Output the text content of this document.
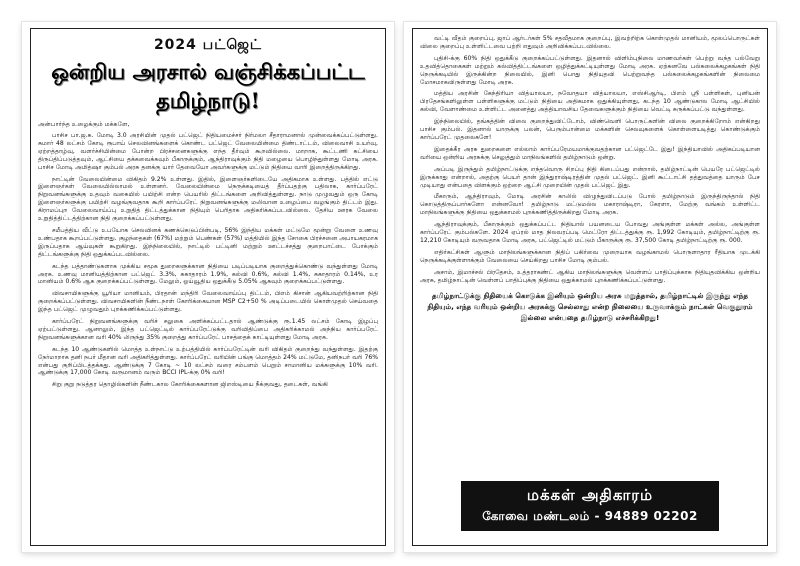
2024 பட்ஜெட்
ஒன்றிய அரசால் வஞ்சிக்கப்பட்ட
தமிழ்நாடு!
அன்பார்ந்த உழைக்கும் மக்களே,

பாசிச பா.ஜ.க. மோடி 3.0 அரசியின் முதல் பட்ஜெட் நிதியமைச்சர் நிர்மலா சீதாராமனால் முன்வைக்கப்பட்டுள்ளது. சுமார் 48 லட்சம் கோடி ரூபாய் செலவினங்களைக் கொண்ட பட்ஜெட் வேலையின்மை திண்டாட்டம், விலைவாசி உயர்வு, ஏற்றத்தாழ்வு, வளர்ச்சியின்மை போன்ற பிரச்சனைகளுக்கு எந்த தீர்வும் கூறவில்லை. மாறாக, கூட்டணி கட்சியை திருப்திப்படுத்தவும், ஆட்சியை தக்கவைக்கவும் பீகாருக்கும், ஆந்திராவுக்கும் நிதி மழையை பொழிந்துள்ளது மோடி அரசு. பாசிச மோடி அமித்ஷா கும்பல் அரசு தனக்கு யார் தேவையோ அவர்களுக்கு மட்டும் நிதியை வாரி இறைத்திருக்கிறது.

நாட்டின் வேலையின்மை விகிதம் 9.2% உள்ளது. இதில், இளைஞர்களிடையே அதிகமாக உள்ளது. பத்தில் எட்டு இளைஞர்கள் வேலையில்லாமல் உள்ளனர். வேலையின்மை நெருக்கடியைத் தீர்ப்பதற்கு பதிலாக, கார்ப்பரேட் நிறுவனங்களுக்கு உதவும் வகையில் பயிற்சி என்ற பெயரில் திட்டங்களை அறிவித்துள்ளது. நாடு முழுவதும் ஒரு கோடி இளைஞர்களுக்கு பயிற்சி வழங்குவதாக கூறி கார்ப்பரேட் நிறுவனங்களுக்கு மலிவான உழைப்பை வழங்கும் திட்டம் இது. கிராமப்புற வேலைவாய்ப்பு உறுதித் திட்டத்துக்கான நிதியும் பெரிதாக அதிகரிக்கப்படவில்லை. தேசிய ஊரக வேலை உறுதித்திட்டத்திற்கான நிதி குறைக்கப்பட்டுள்ளது.

சமீபத்திய வீட்டு உபயோக செலவினக் கணக்கெடுப்பின்படி, 56% இந்திய மக்கள் மட்டுமே மூன்று வேளை உணவு உண்பதாக கூறப்பட்டுள்ளது. குழந்தைகள் (67%) மற்றும் பெண்கள் (57%) மத்தியில் இந்த சோகை பிரச்சனை அபாயகரமாக இருப்பதாக ஆய்வுகள் கூறுகிறது. இந்நிலையில், நாட்டில் பட்டினி மற்றும் ஊட்டச்சத்து குறைபாட்டை போக்கும் திட்டங்களுக்கு நிதி ஒதுக்கப்படவில்லை.

கடந்த பத்தாண்டுகளாக முக்கிய சமூக துறைகளுக்கான நிதியை படிப்படியாக குறைத்துக்கொண்டு வந்துள்ளது மோடி அரசு. உணவு மானியத்திற்கான பட்ஜெட் 3.3%, சுகாதாரம் 1.9%, கல்வி 0.6%, கல்வி 1.4%, சுகாதாரம் 0.14%, உர மானியம் 0.6% ஆக குறைக்கப்பட்டுள்ளது. மேலும், ஓய்வூதிய ஒதுக்கீடு 5.05% ஆகவும் குறைக்கப்பட்டுள்ளது.

விவசாயிகளுக்கு யூரியா மானியம், பிரதான் மந்திரி வேலைவாய்ப்பு திட்டம், பிஎம் கிசான் ஆகியவற்றிற்கான நிதி குறைக்கப்பட்டுள்ளது. விவசாயிகளின் நீண்டநாள் கோரிக்கையான MSP C2+50 % அடிப்படையில் கொள்முதல் செய்வதை இந்த பட்ஜெட் முழுவதும் புறக்கணிக்கப்பட்டுள்ளது.

கார்ப்பரேட் நிறுவனங்களுக்கு வரிச் சலுகை அளிக்கப்பட்டதால் ஆண்டுக்கு ரூ.1.45 லட்சம் கோடி இழப்பு ஏற்பட்டுள்ளது. ஆனாலும், இந்த பட்ஜெட்டில் கார்ப்பரேட்டுக்கு வரிவிதிப்பை அதிகரிக்காமல் அந்நிய கார்ப்பரேட் நிறுவனங்களுக்கான வரி 40% லிருந்து 35% குறைத்து கார்ப்பரேட் பாசத்தைக் காட்டியுள்ளது மோடி அரசு.

கடந்த 10 ஆண்டுகளில் மொத்த உள்நாட்டு உற்பத்தியில் கார்ப்பரேட்டின் வரி விகிதம் குறைந்து வந்துள்ளது. இதற்கு நேர்மாறாக தனி நபர் மீதான வரி அதிகரித்துள்ளது. கார்ப்பரேட் வரியின் பங்கு மொத்தம் 24% மட்டுமே, தனிநபர் வரி 76% என்பது குறிப்பிடத்தக்கது. ஆண்டுக்கு 7 கோடி ~ 10 லட்சம் வரை சம்பளம் பெறும் சாமானிய மக்களுக்கு 10% வரி. ஆண்டுக்கு 17,000 கோடி வருமானம் வரும் BCCI IPL-க்கு 0% வரி!

சிறு குறு நடுத்தர தொழில்களின் நீண்டகால கோரிக்கைகளான ஜிஎஸ்டியை நீக்குவது, தடைகள், வங்கி

வட்டி வீதம் குறைப்பு, ஜாப் ஆர்டர்கள் 5% சதவீதமாக குறைப்பு, இவற்றிற்க கொள்முதல் மானியம், மூலப்பொருட்கள் விலை குறைப்பு உள்ளிட்டவை பற்றி எதுவும் அறிவிக்கப்படவில்லை.

புதிசி-க்கு 60% நிதி ஒதுக்கீடு குறைக்கப்பட்டுள்ளது. இதனால் விளிம்புநிலை மாணவர்கள் பெற்று வந்த பல்வேறு உதவித்தொகைகள் மற்றும் கல்வித்திட்டங்களை ஒழித்துக்கட்டியுள்ளது மோடி அரசு. ஏற்கனவே பல்கலைக்கழகங்கள் நிதி நெருக்கடியில் இருக்கின்ற நிலையில், இனி பொது நிதியுதவி பெற்றுவந்த பல்கலைக்கழகங்களின் நிலைமை மோசமாகவிருள்ளது மோடி அரசு.

மத்திய அரசின் கேந்திரியா வித்யாலயா, நவோதயா வித்யாலயா, எஸ்சிஆர்டி, பிஎம் ஸ்ரீ பள்ளிகள், புனியன் பிரதேசங்களிலுள்ள பள்ளிகளுக்கு மட்டும் நிதியை அதிகமாக ஒதுக்கியுள்ளது, கடந்த 10 ஆண்டுகால மோடி ஆட்சியில் கல்வி, வேளாண்மை உள்ளிட்ட அனைத்து அத்தியாவசிய தேவைகளுக்கும் நிதியை வெட்டி சுருக்கப்பட்டு வந்துள்ளது.

இந்நிலையில், தங்கத்தின் விலை குறைந்துவிட்டோம், விண்வெளி பொருட்களின் விலை குறைக்கிறோம் என்கிறது பாசிச கும்பல். இதனால் யாருக்கு பலன், பெரும்பான்மை மக்களின் செலவுகளைக் கொள்ளையடித்து கொண்டுக்கும் கார்ப்பரேட் முதலைகளே!

இதைக்கீர அரசு துறைகளை எல்லாம் கார்ப்பரேமயமாக்குவதற்கான பட்ஜெட்டே இது! இந்தியாவில் அதிகப்படியான வரியை ஒன்றிய அரசுக்கு செலுத்தும் மாநிலங்களில் தமிழ்நாடும் ஒன்று.

அப்படி இருந்தும் தமிழ்நாட்டுக்கு எந்தவொரு சிறப்பு நிதி கிடைப்பது என்றால், தமிழ்நாட்டின் பெயரே பட்ஜெட்டில் இருக்காது என்றால், அதற்கு பெயர் தான் இந்துராஷ்டிரத்தின் முதல் பட்ஜெட். இனி கூட்டாட்சி தத்துவத்தை யாரும் பேச முடியாது என்பதை விளக்கும் ஒற்றை ஆட்சி முறையின் முதல் பட்ஜெட் இது.

மீகாரும், ஆந்திராவும், மோடி அரசின் காலில் விழுந்துவிடப்படு போல் தமிழ்நாடும் இருந்திருந்தால் நிதி கொடுத்திருப்பார்களோ என்னவோ! தமிழ்நாடு மட்டுமல்ல மகாராஷ்டிரா, கேரளா, மேற்கு வங்கம் உள்ளிட்ட மாநிலங்களுக்கு நிதியை ஒதுக்காமல் புறக்கணித்திருக்கிறது மோடி அரசு.

ஆந்திராவுக்கும், பீகாருக்கும் ஒதுக்கப்பட்ட நிதியால் பயனடைய போவது அங்குள்ள மக்கள் அல்ல, அங்குள்ள கார்ப்பரேட் கும்பல்களே. 2024 ஏப்ரல் மாத நிலவரப்படி மெட்ரோ திட்டத்துக்கு ரூ. 1,992 கோடியும், தமிழ்நாட்டிற்கு ரூ. 12,210 கோடியும் வருவதாக மோடி அரசு, பட்ஜெட்டில் மட்டும் பீகாருக்கு ரூ. 37,500 கோடி தமிழ்நாட்டிற்கு ரூ. 000.

எதிர்கட்சிகள் ஆளும் மாநிலங்களுக்கான நிதிப் பகிர்வை முறையாக வழங்காமல் பொருளாதார ரீதியாக முடக்கி நெருக்கடிக்குள்ளாக்கும் வேலையை செய்கிறது பாசிச மோடி கும்பல்.

அசாம், இமாச்சல் பிரதேசம், உத்தராகண்ட் ஆகிய மாநிலங்களுக்கு வெள்ளப் பாதிப்புக்காக நிதியுதவிக்கிய ஒன்றிய அரசு, தமிழ்நாட்டின் வெள்ளப் பாதிப்புக்கு நிதியை ஒதுக்காமல் புறக்கணிக்கப்பட்டுள்ளது.

தமிழ்நாட்டுக்கு நிதியைக் கொடுக்க இனியும் ஒன்றிய அரசு மறுத்தால், தமிழ்நாட்டில் இருந்து எந்த நிதியும், எந்த வரியும் ஒன்றிய அரசுக்கு செல்லாது என்ற நிலையை உருவாக்கும் நாட்கள் வெகுதூரம் இல்லை என்பதை தமிழ்நாடு எச்சரிக்கிறது!
மக்கள் அதிகாரம்
கோவை மண்டலம் - 94889 02202
